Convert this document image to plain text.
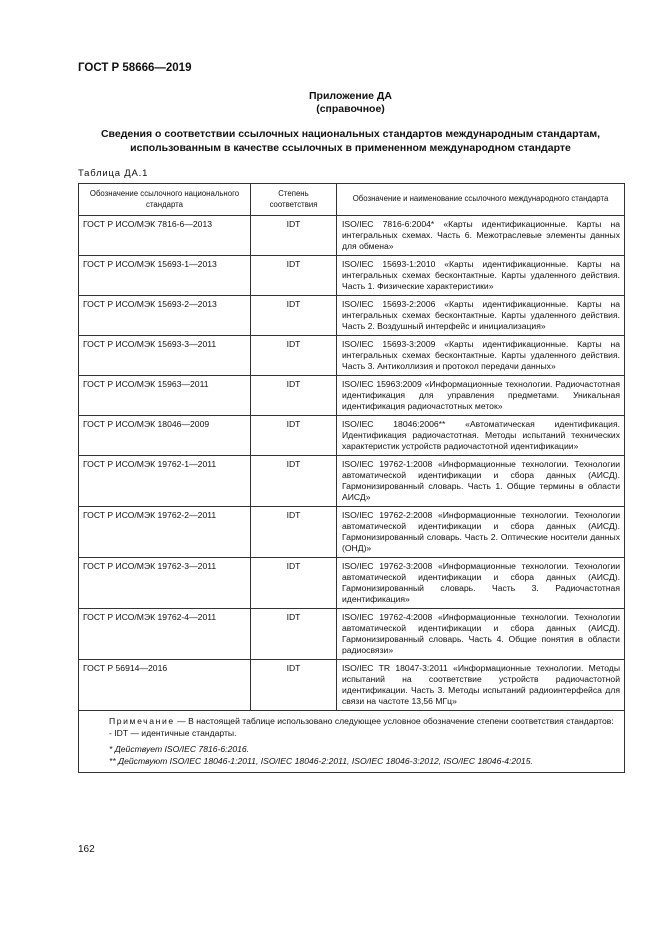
ГОСТ Р 58666—2019
Приложение ДА
(справочное)
Сведения о соответствии ссылочных национальных стандартов международным стандартам,
использованным в качестве ссылочных в примененном международном стандарте
Таблица ДА.1
Обозначение ссылочного национального стандарта	Степень соответствия	Обозначение и наименование ссылочного международного стандарта
ГОСТ Р ИСО/МЭК 7816-6—2013	IDT	ISO/IEC 7816-6:2004* «Карты идентификационные. Карты на интегральных схемах. Часть 6. Межотраслевые элементы данных для обмена»
ГОСТ Р ИСО/МЭК 15693-1—2013	IDT	ISO/IEC 15693-1:2010 «Карты идентификационные. Карты на интегральных схемах бесконтактные. Карты удаленного действия. Часть 1. Физические характеристики»
ГОСТ Р ИСО/МЭК 15693-2—2013	IDT	ISO/IEC 15693-2:2006 «Карты идентификационные. Карты на интегральных схемах бесконтактные. Карты удаленного действия. Часть 2. Воздушный интерфейс и инициализация»
ГОСТ Р ИСО/МЭК 15693-3—2011	IDT	ISO/IEC 15693-3:2009 «Карты идентификационные. Карты на интегральных схемах бесконтактные. Карты удаленного действия. Часть 3. Антиколлизия и протокол передачи данных»
ГОСТ Р ИСО/МЭК 15963—2011	IDT	ISO/IEC 15963:2009 «Информационные технологии. Радиочастотная идентификация для управления предметами. Уникальная идентификация радиочастотных меток»
ГОСТ Р ИСО/МЭК 18046—2009	IDT	ISO/IEC 18046:2006** «Автоматическая идентификация. Идентификация радиочастотная. Методы испытаний технических характеристик устройств радиочастотной идентификации»
ГОСТ Р ИСО/МЭК 19762-1—2011	IDT	ISO/IEC 19762-1:2008 «Информационные технологии. Технологии автоматической идентификации и сбора данных (АИСД). Гармонизированный словарь. Часть 1. Общие термины в области АИСД»
ГОСТ Р ИСО/МЭК 19762-2—2011	IDT	ISO/IEC 19762-2:2008 «Информационные технологии. Технологии автоматической идентификации и сбора данных (АИСД). Гармонизированный словарь. Часть 2. Оптические носители данных (ОНД)»
ГОСТ Р ИСО/МЭК 19762-3—2011	IDT	ISO/IEC 19762-3:2008 «Информационные технологии. Технологии автоматической идентификации и сбора данных (АИСД). Гармонизированный словарь. Часть 3. Радиочастотная идентификация»
ГОСТ Р ИСО/МЭК 19762-4—2011	IDT	ISO/IEC 19762-4:2008 «Информационные технологии. Технологии автоматической идентификации и сбора данных (АИСД). Гармонизированный словарь. Часть 4. Общие понятия в области радиосвязи»
ГОСТ Р 56914—2016	IDT	ISO/IEC TR 18047-3:2011 «Информационные технологии. Методы испытаний на соответствие устройств радиочастотной идентификации. Часть 3. Методы испытаний радиоинтерфейса для связи на частоте 13,56 МГц»

Примечание — В настоящей таблице использовано следующее условное обозначение степени соответствия стандартов:
- IDT — идентичные стандарты.
* Действует ISO/IEC 7816-6:2016.
** Действуют ISO/IEC 18046-1:2011, ISO/IEC 18046-2:2011, ISO/IEC 18046-3:2012, ISO/IEC 18046-4:2015.		
162
